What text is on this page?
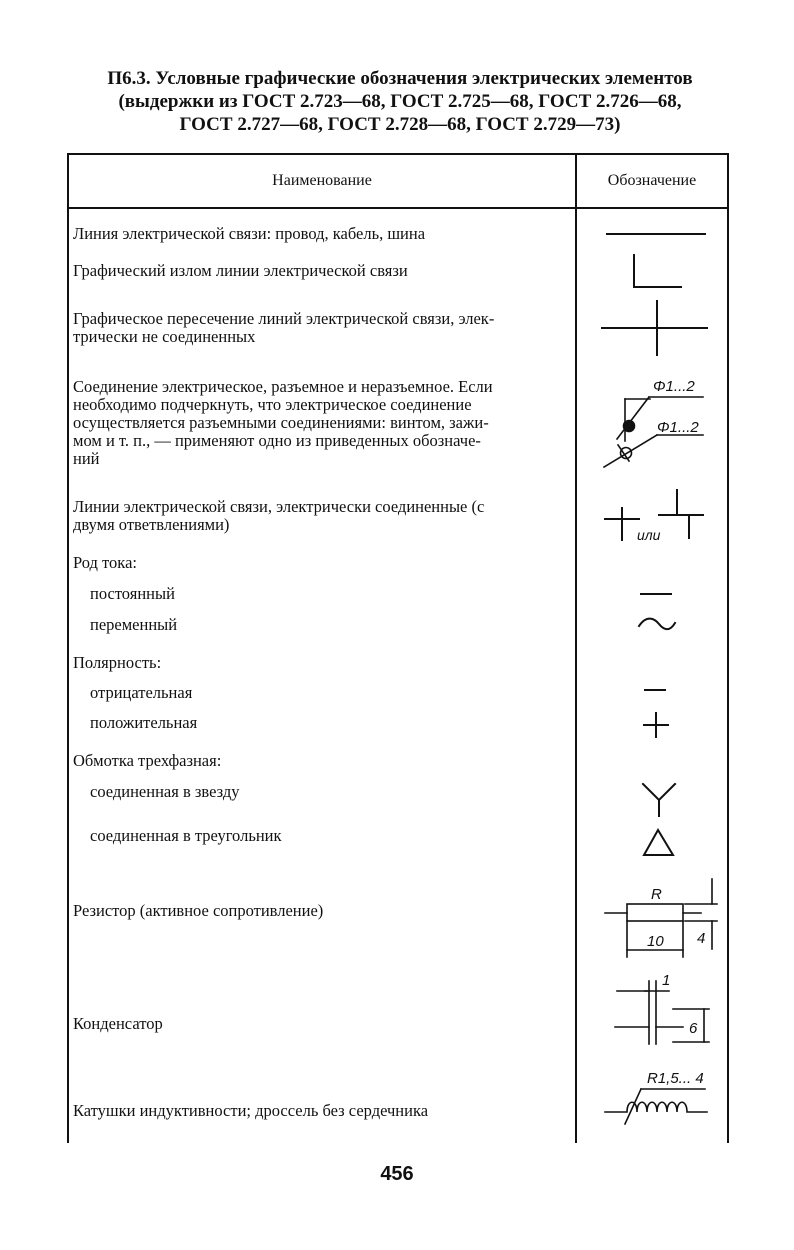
П6.3. Условные графические обозначения электрических элементов
(выдержки из ГОСТ 2.723—68, ГОСТ 2.725—68, ГОСТ 2.726—68,
ГОСТ 2.727—68, ГОСТ 2.728—68, ГОСТ 2.729—73)
Наименование	Обозначение
Линия электрической связи: провод, кабель, шина
Графический излом линии электрической связи
Графическое пересечение линий электрической связи, элек-
трически не соединенных
Соединение электрическое, разъемное и неразъемное. Если
необходимо подчеркнуть, что электрическое соединение
осуществляется разъемными соединениями: винтом, зажи-
мом и т. п., — применяют одно из приведенных обозначе-
ний
Линии электрической связи, электрически соединенные (с
двумя ответвлениями)
Род тока:
постоянный
переменный
Полярность:
отрицательная
положительная
Обмотка трехфазная:
соединенная в звезду
соединенная в треугольник
Резистор (активное сопротивление)
Конденсатор
Катушки индуктивности; дроссель без сердечника
Φ1...2
Φ1...2
или
R
10 4
1
6
R1,5... 4
456
